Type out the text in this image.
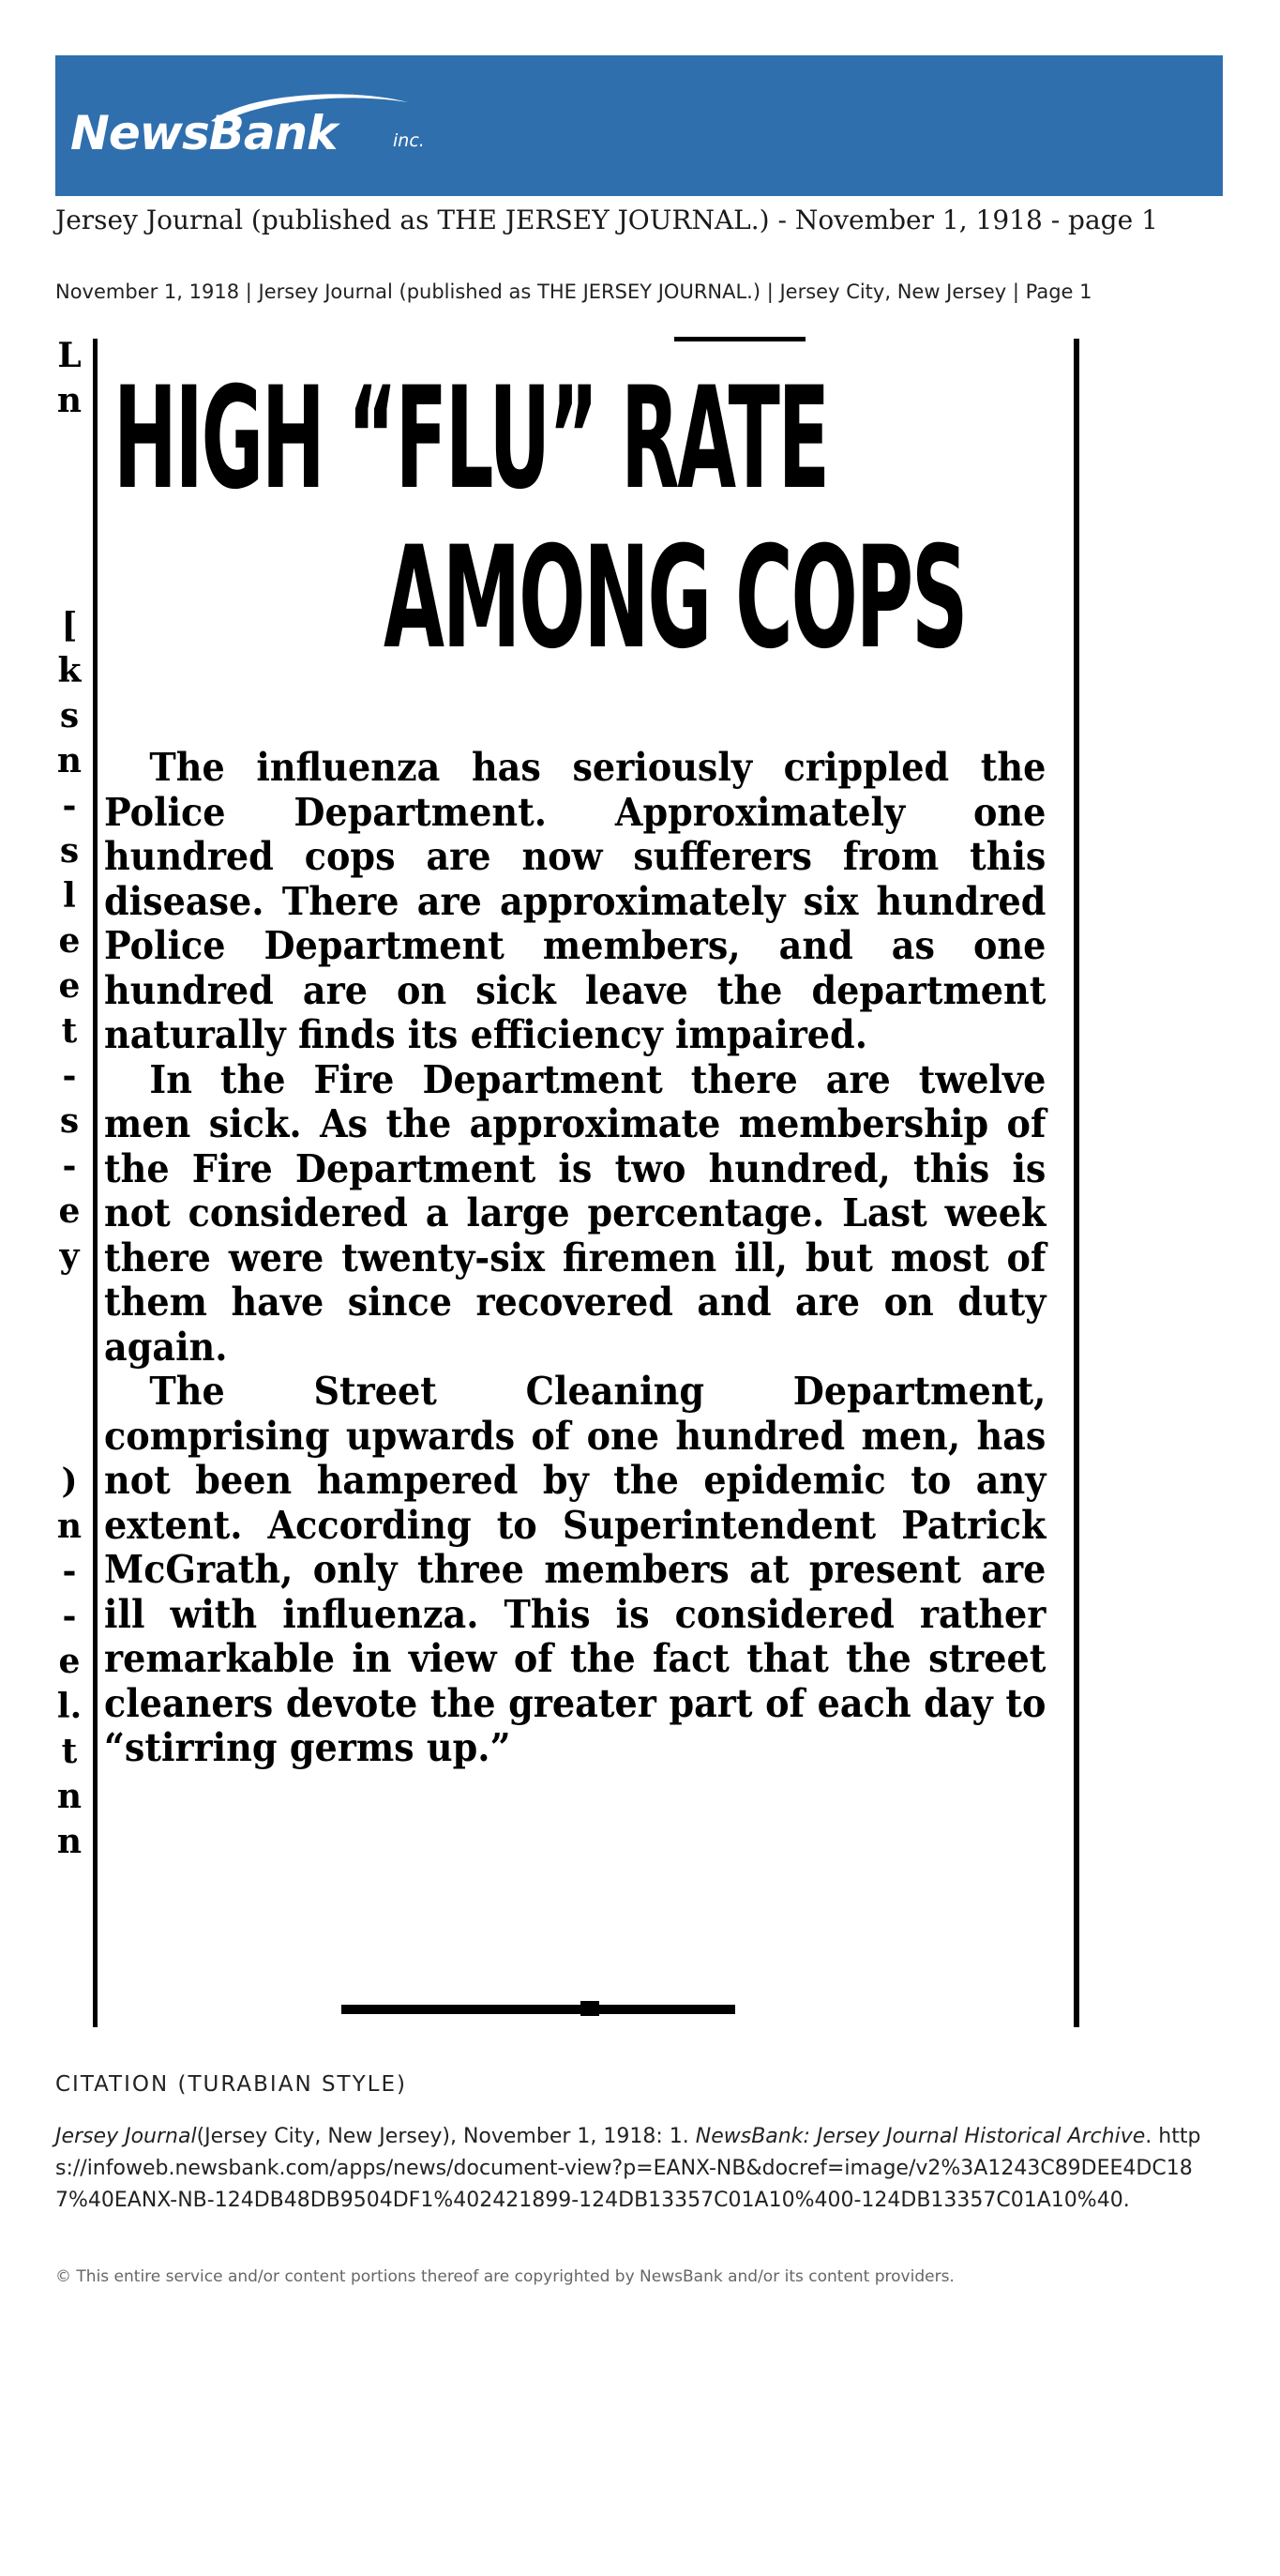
NewsBank	inc.
Jersey Journal (published as THE JERSEY JOURNAL.) - November 1, 1918 - page 1
November 1, 1918 | Jersey Journal (published as THE JERSEY JOURNAL.) | Jersey City, New Jersey | Page 1
L
n

[
k
s
n
-
s
l
e
e
t
-
s
-
e
y

)
n
-
-
e
l.
t
n
n
HIGH “FLU” RATE
AMONG COPS

The influenza has seriously crippled the Police Department. Approximately one hundred cops are now sufferers from this disease. There are approximately six hundred Police Department members, and as one hundred are on sick leave the department naturally finds its efficiency impaired.

In the Fire Department there are twelve men sick. As the approximate membership of the Fire Department is two hundred, this is not considered a large percentage. Last week there were twenty-six firemen ill, but most of them have since recovered and are on duty again.

The Street Cleaning Department, comprising upwards of one hundred men, has not been hampered by the epidemic to any extent. According to Superintendent Patrick McGrath, only three members at present are ill with influenza. This is considered rather remarkable in view of the fact that the street cleaners devote the greater part of each day to “stirring germs up.”

CITATION (TURABIAN STYLE)
Jersey Journal(Jersey City, New Jersey), November 1, 1918: 1. NewsBank: Jersey Journal Historical Archive. https://infoweb.newsbank.com/apps/news/document-view?p=EANX-NB&docref=image/v2%3A1243C89DEE4DC187%40EANX-NB-124DB48DB9504DF1%402421899-124DB13357C01A10%400-124DB13357C01A10%40.
© This entire service and/or content portions thereof are copyrighted by NewsBank and/or its content providers.
